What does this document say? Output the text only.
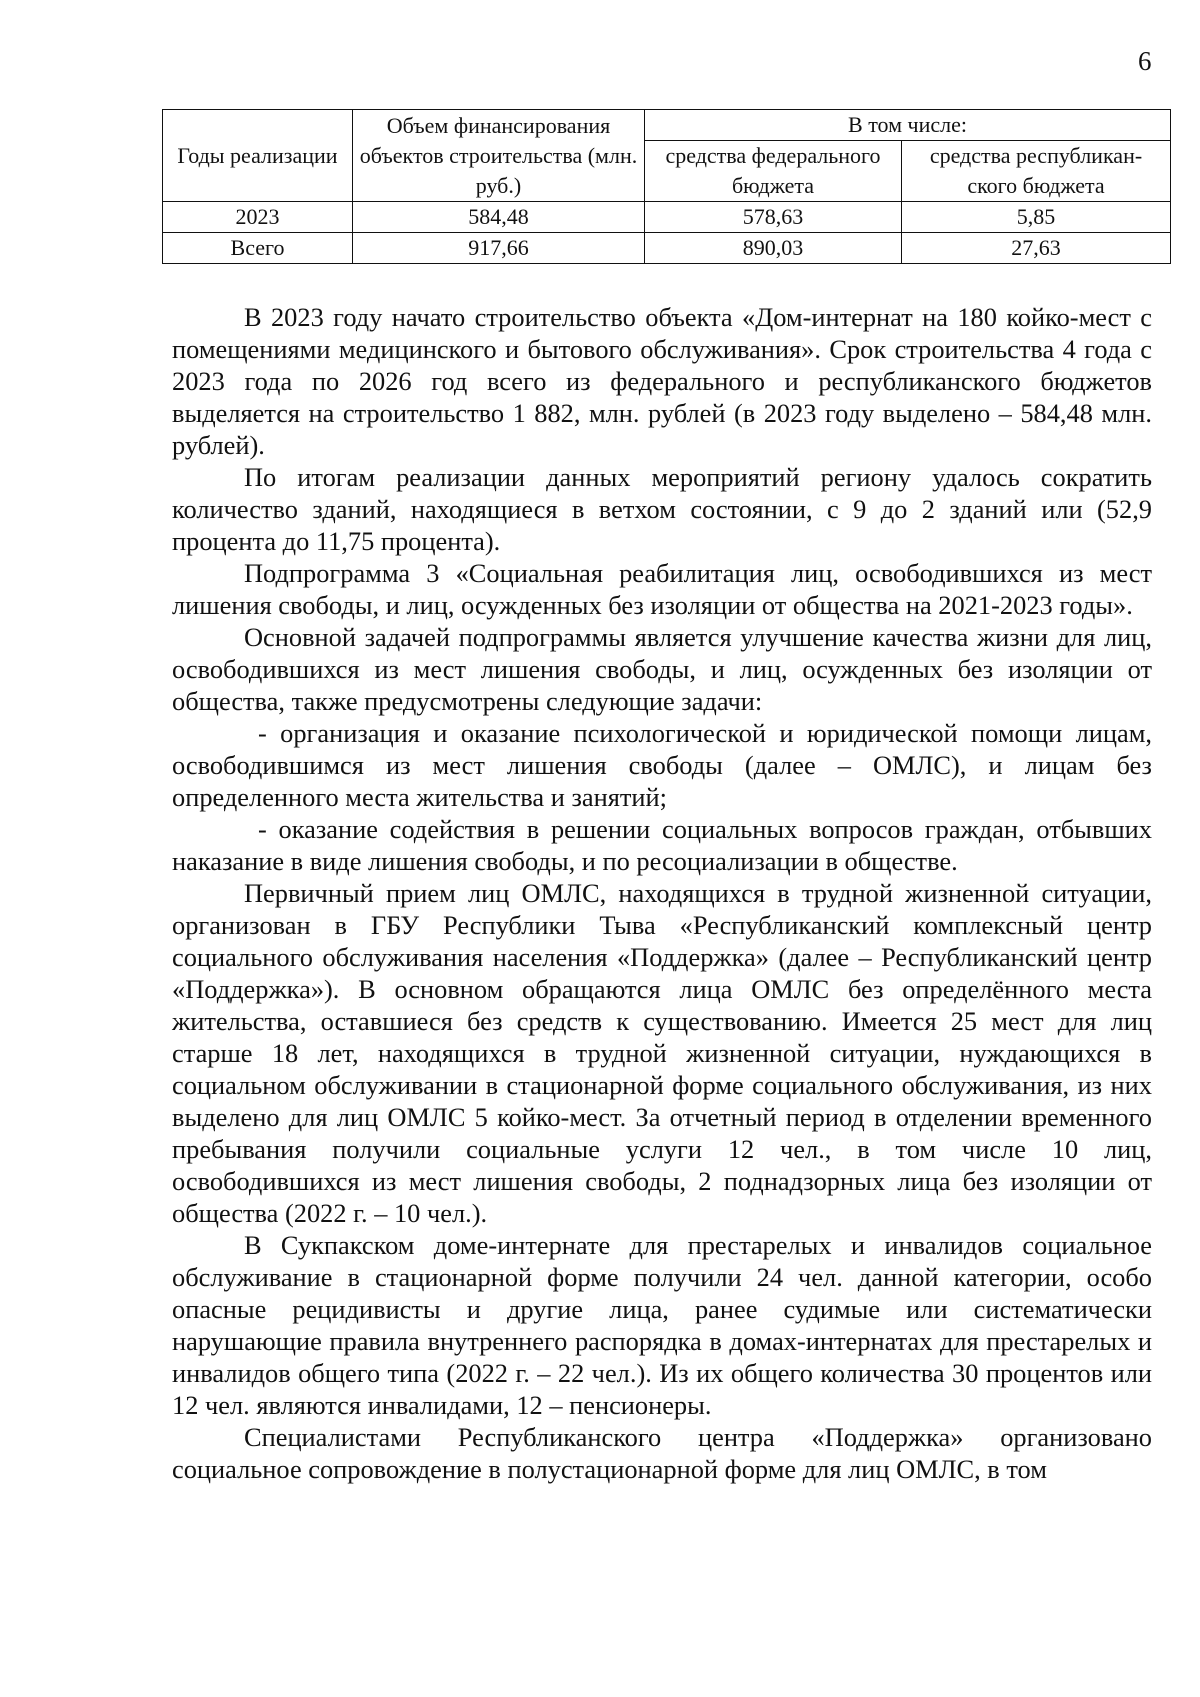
6
Годы реализации	Объем финансирования объектов строительства (млн. руб.)	В том числе:	
		средства федерального бюджета	средства республикан-ского бюджета
2023	584,48	578,63	5,85
Всего	917,66	890,03	27,63

В 2023 году начато строительство объекта «Дом-интернат на 180 койко-мест с помещениями медицинского и бытового обслуживания». Срок строительства 4 года с 2023 года по 2026 год всего из федерального и республиканского бюджетов выделяется на строительство 1 882, млн. рублей (в 2023 году выделено – 584,48 млн. рублей).

По итогам реализации данных мероприятий региону удалось сократить количество зданий, находящиеся в ветхом состоянии, с 9 до 2 зданий или (52,9 процента до 11,75 процента).

Подпрограмма 3 «Социальная реабилитация лиц, освободившихся из мест лишения свободы, и лиц, осужденных без изоляции от общества на 2021-2023 годы».

Основной задачей подпрограммы является улучшение качества жизни для лиц, освободившихся из мест лишения свободы, и лиц, осужденных без изоляции от общества, также предусмотрены следующие задачи:

- организация и оказание психологической и юридической помощи лицам, освободившимся из мест лишения свободы (далее – ОМЛС), и лицам без определенного места жительства и занятий;

- оказание содействия в решении социальных вопросов граждан, отбывших наказание в виде лишения свободы, и по ресоциализации в обществе.

Первичный прием лиц ОМЛС, находящихся в трудной жизненной ситуации, организован в ГБУ Республики Тыва «Республиканский комплексный центр социального обслуживания населения «Поддержка» (далее – Республиканский центр «Поддержка»). В основном обращаются лица ОМЛС без определённого места жительства, оставшиеся без средств к существованию. Имеется 25 мест для лиц старше 18 лет, находящихся в трудной жизненной ситуации, нуждающихся в социальном обслуживании в стационарной форме социального обслуживания, из них выделено для лиц ОМЛС 5 койко-мест. За отчетный период в отделении временного пребывания получили социальные услуги 12 чел., в том числе 10 лиц, освободившихся из мест лишения свободы, 2 поднадзорных лица без изоляции от общества (2022 г. – 10 чел.).

В Сукпакском доме-интернате для престарелых и инвалидов социальное обслуживание в стационарной форме получили 24 чел. данной категории, особо опасные рецидивисты и другие лица, ранее судимые или систематически нарушающие правила внутреннего распорядка в домах-интернатах для престарелых и инвалидов общего типа (2022 г. – 22 чел.). Из их общего количества 30 процентов или 12 чел. являются инвалидами, 12 – пенсионеры.

Специалистами Республиканского центра «Поддержка» организовано социальное сопровождение в полустационарной форме для лиц ОМЛС, в том
